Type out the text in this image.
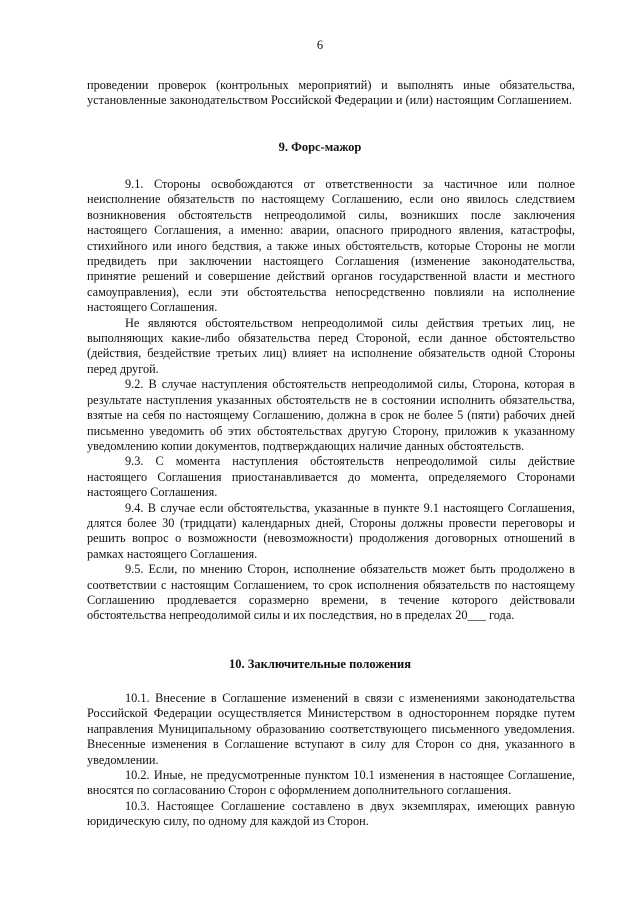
6

проведении проверок (контрольных мероприятий) и выполнять иные обязательства, установленные законодательством Российской Федерации и (или) настоящим Соглашением.

9. Форс-мажор

9.1. Стороны освобождаются от ответственности за частичное или полное неисполнение обязательств по настоящему Соглашению, если оно явилось следствием возникновения обстоятельств непреодолимой силы, возникших после заключения настоящего Соглашения, а именно: аварии, опасного природного явления, катастрофы, стихийного или иного бедствия, а также иных обстоятельств, которые Стороны не могли предвидеть при заключении настоящего Соглашения (изменение законодательства, принятие решений и совершение действий органов государственной власти и местного самоуправления), если эти обстоятельства непосредственно повлияли на исполнение настоящего Соглашения.

Не являются обстоятельством непреодолимой силы действия третьих лиц, не выполняющих какие-либо обязательства перед Стороной, если данное обстоятельство (действия, бездействие третьих лиц) влияет на исполнение обязательств одной Стороны перед другой.

9.2. В случае наступления обстоятельств непреодолимой силы, Сторона, которая в результате наступления указанных обстоятельств не в состоянии исполнить обязательства, взятые на себя по настоящему Соглашению, должна в срок не более 5 (пяти) рабочих дней письменно уведомить об этих обстоятельствах другую Сторону, приложив к указанному уведомлению копии документов, подтверждающих наличие данных обстоятельств.

9.3. С момента наступления обстоятельств непреодолимой силы действие настоящего Соглашения приостанавливается до момента, определяемого Сторонами настоящего Соглашения.

9.4. В случае если обстоятельства, указанные в пункте 9.1 настоящего Соглашения, длятся более 30 (тридцати) календарных дней, Стороны должны провести переговоры и решить вопрос о возможности (невозможности) продолжения договорных отношений в рамках настоящего Соглашения.

9.5. Если, по мнению Сторон, исполнение обязательств может быть продолжено в соответствии с настоящим Соглашением, то срок исполнения обязательств по настоящему Соглашению продлевается соразмерно времени, в течение которого действовали обстоятельства непреодолимой силы и их последствия, но в пределах 20___ года.

10. Заключительные положения

10.1. Внесение в Соглашение изменений в связи с изменениями законодательства Российской Федерации осуществляется Министерством в одностороннем порядке путем направления Муниципальному образованию соответствующего письменного уведомления. Внесенные изменения в Соглашение вступают в силу для Сторон со дня, указанного в уведомлении.

10.2. Иные, не предусмотренные пунктом 10.1 изменения в настоящее Соглашение, вносятся по согласованию Сторон с оформлением дополнительного соглашения.

10.3. Настоящее Соглашение составлено в двух экземплярах, имеющих равную юридическую силу, по одному для каждой из Сторон.
